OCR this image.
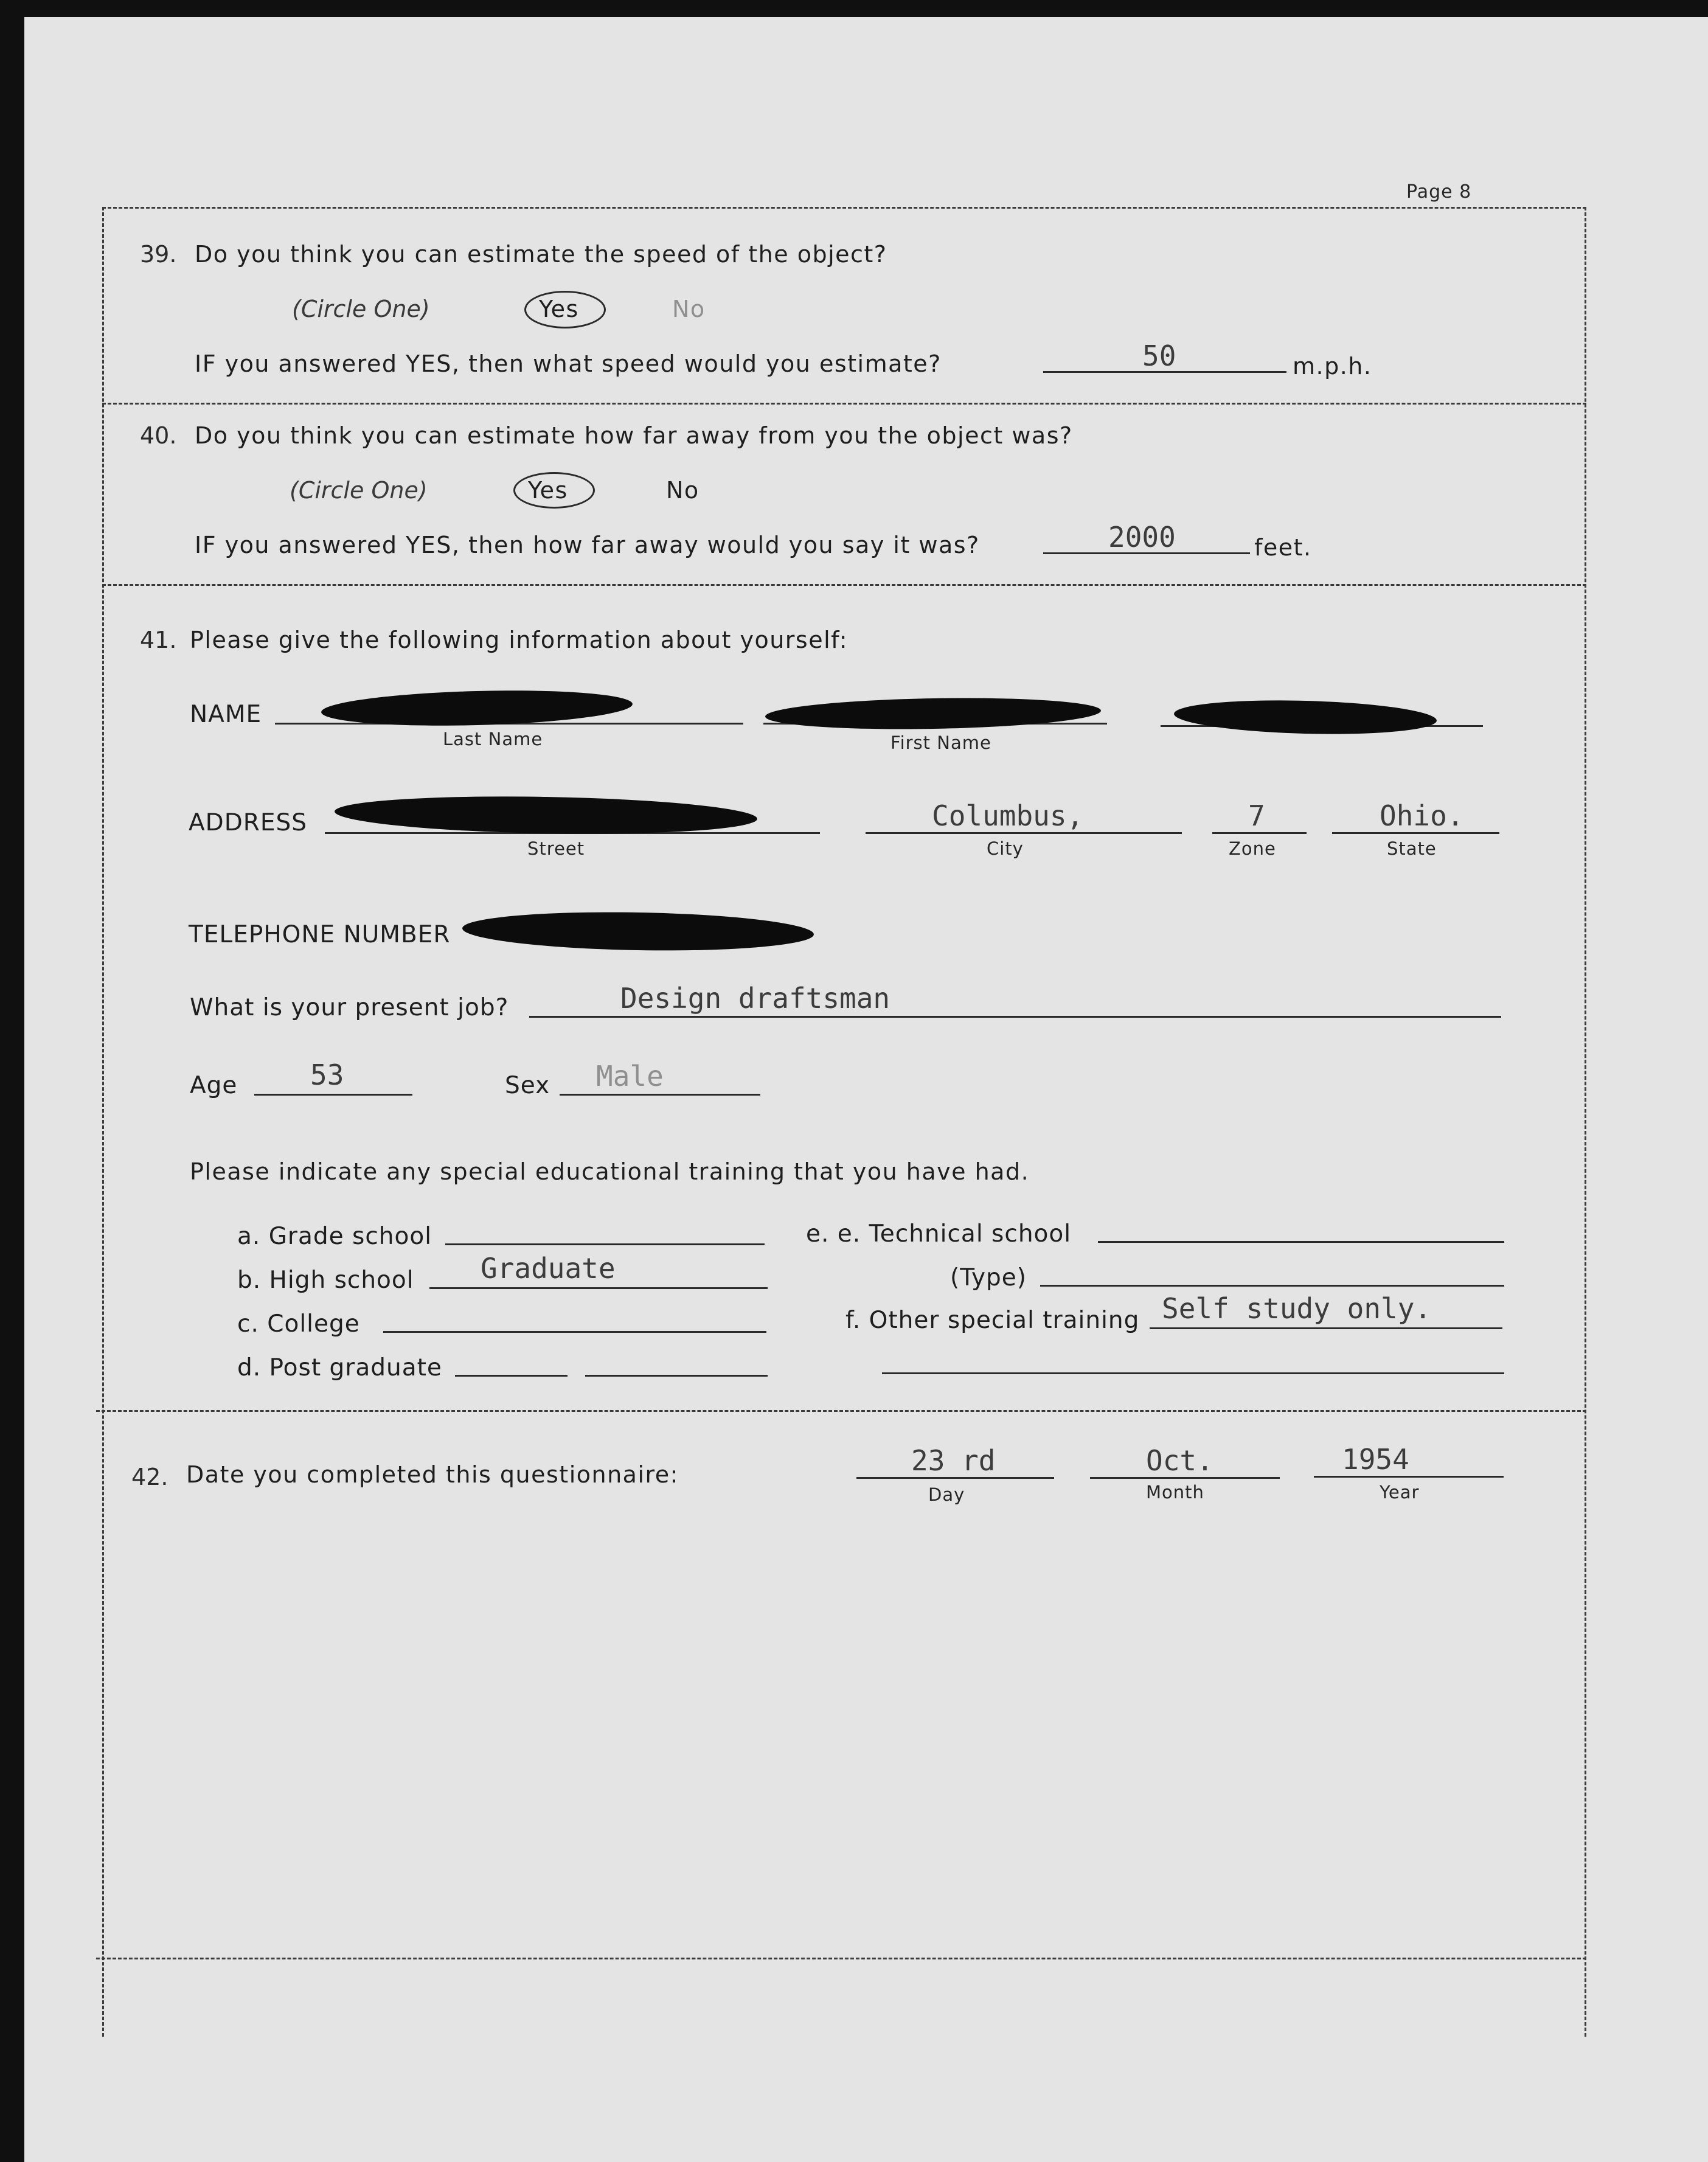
Page 8
39. Do you think you can estimate the speed of the object?
(Circle One)	Yes	No
IF you answered YES, then what speed would you estimate?	50	m.p.h.
40. Do you think you can estimate how far away from you the object was?
(Circle One)	Yes	No
IF you answered YES, then how far away would you say it was?	2000	feet.
41. Please give the following information about yourself:
NAME
Last Name	First Name
ADDRESS
Street
Columbus,
City
7
Zone
Ohio.
State
TELEPHONE NUMBER
What is your present job?	Design draftsman
Age	53	Sex Male
Please indicate any special educational training that you have had.
a. Grade school
b. High school Graduate
c. College
d. Post graduate
e. e. Technical school
(Type)
f. Other special training Self study only.
42. Date you completed this questionnaire:	23 rd
Day
Oct.
Month
1954
Year
